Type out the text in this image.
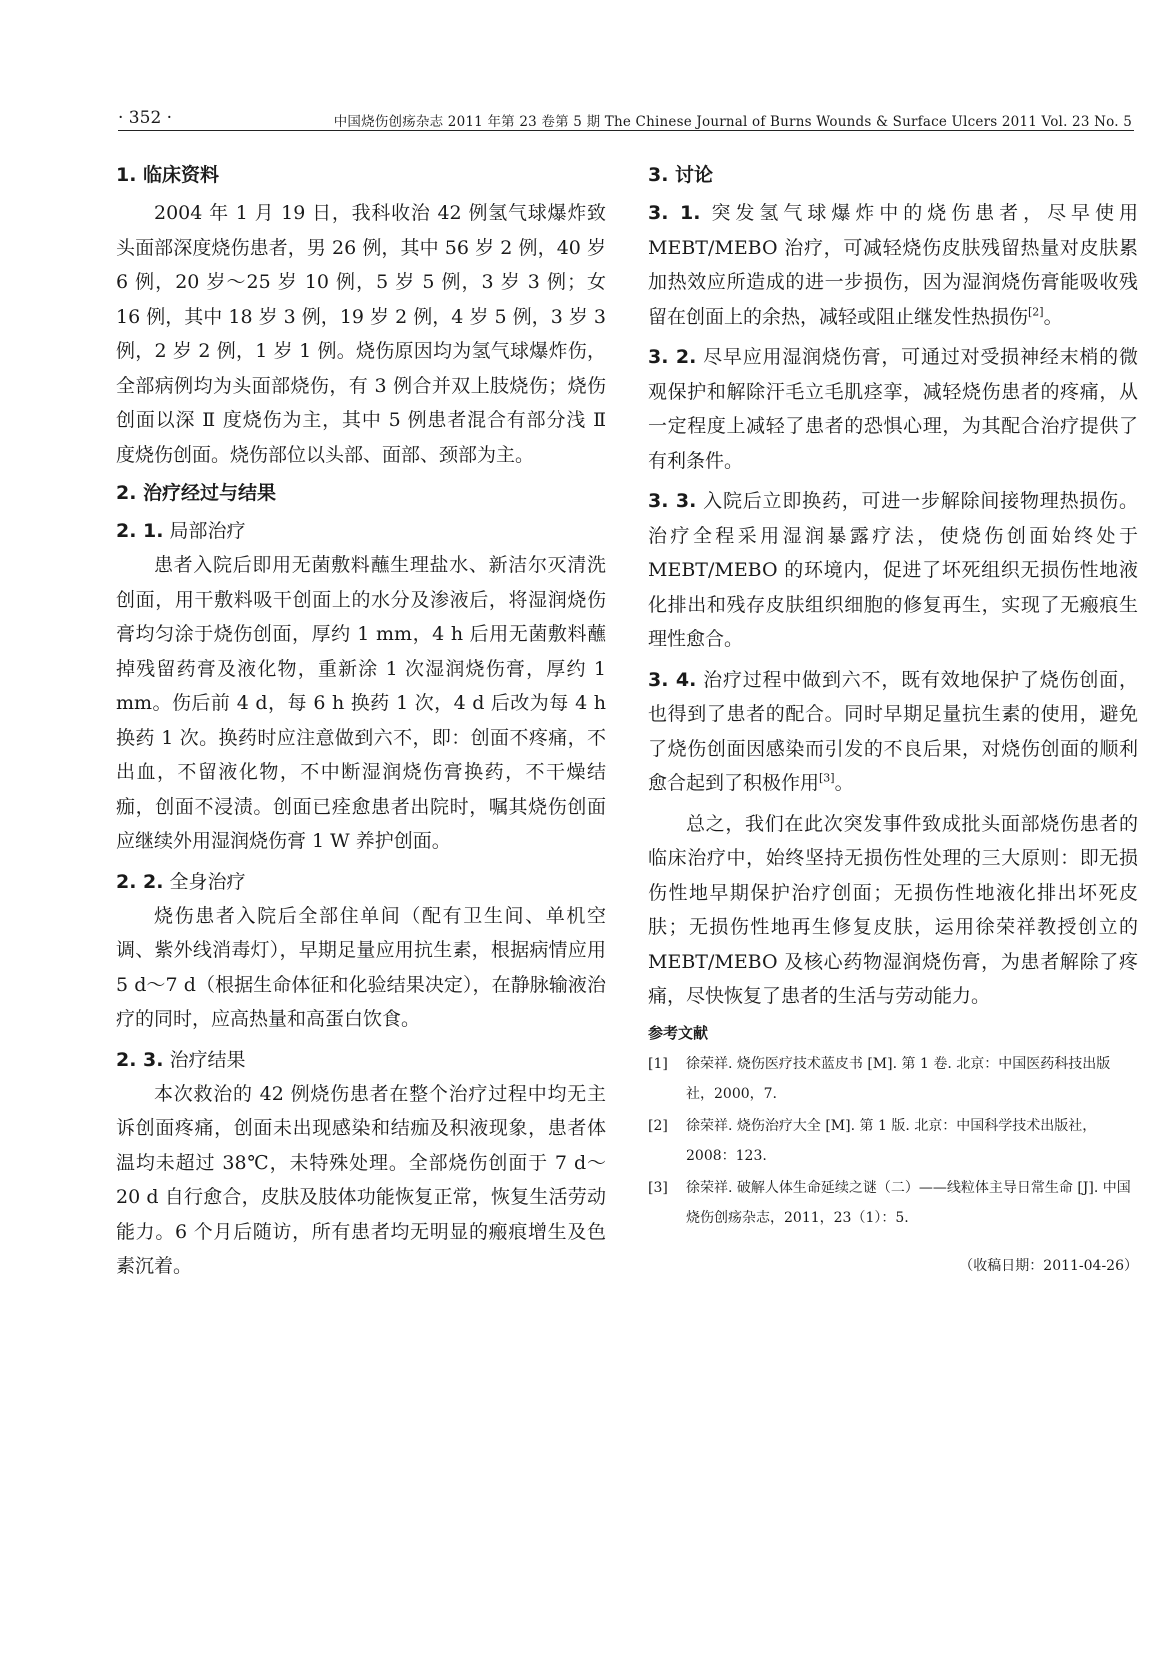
· 352 ·	中国烧伤创疡杂志 2011 年第 23 卷第 5 期 The Chinese Journal of Burns Wounds & Surface Ulcers 2011 Vol. 23 No. 5
1. 临床资料

2004 年 1 月 19 日，我科收治 42 例氢气球爆炸致头面部深度烧伤患者，男 26 例，其中 56 岁 2 例，40 岁 6 例，20 岁～25 岁 10 例，5 岁 5 例，3 岁 3 例；女 16 例，其中 18 岁 3 例，19 岁 2 例，4 岁 5 例，3 岁 3 例，2 岁 2 例，1 岁 1 例。烧伤原因均为氢气球爆炸伤，全部病例均为头面部烧伤，有 3 例合并双上肢烧伤；烧伤创面以深 Ⅱ 度烧伤为主，其中 5 例患者混合有部分浅 Ⅱ 度烧伤创面。烧伤部位以头部、面部、颈部为主。

2. 治疗经过与结果
2. 1. 局部治疗

患者入院后即用无菌敷料蘸生理盐水、新洁尔灭清洗创面，用干敷料吸干创面上的水分及渗液后，将湿润烧伤膏均匀涂于烧伤创面，厚约 1 mm，4 h 后用无菌敷料蘸掉残留药膏及液化物，重新涂 1 次湿润烧伤膏，厚约 1 mm。伤后前 4 d，每 6 h 换药 1 次，4 d 后改为每 4 h 换药 1 次。换药时应注意做到六不，即：创面不疼痛，不出血，不留液化物，不中断湿润烧伤膏换药，不干燥结痂，创面不浸渍。创面已痊愈患者出院时，嘱其烧伤创面应继续外用湿润烧伤膏 1 W 养护创面。

2. 2. 全身治疗

烧伤患者入院后全部住单间（配有卫生间、单机空调、紫外线消毒灯），早期足量应用抗生素，根据病情应用 5 d～7 d（根据生命体征和化验结果决定），在静脉输液治疗的同时，应高热量和高蛋白饮食。

2. 3. 治疗结果

本次救治的 42 例烧伤患者在整个治疗过程中均无主诉创面疼痛，创面未出现感染和结痂及积液现象，患者体温均未超过 38℃，未特殊处理。全部烧伤创面于 7 d～20 d 自行愈合，皮肤及肢体功能恢复正常，恢复生活劳动能力。6 个月后随访，所有患者均无明显的瘢痕增生及色素沉着。

3. 讨论

3. 1. 突发氢气球爆炸中的烧伤患者，尽早使用 MEBT/MEBO 治疗，可减轻烧伤皮肤残留热量对皮肤累加热效应所造成的进一步损伤，因为湿润烧伤膏能吸收残留在创面上的余热，减轻或阻止继发性热损伤[2]。

3. 2. 尽早应用湿润烧伤膏，可通过对受损神经末梢的微观保护和解除汗毛立毛肌痉挛，减轻烧伤患者的疼痛，从一定程度上减轻了患者的恐惧心理，为其配合治疗提供了有利条件。

3. 3. 入院后立即换药，可进一步解除间接物理热损伤。治疗全程采用湿润暴露疗法，使烧伤创面始终处于 MEBT/MEBO 的环境内，促进了坏死组织无损伤性地液化排出和残存皮肤组织细胞的修复再生，实现了无瘢痕生理性愈合。

3. 4. 治疗过程中做到六不，既有效地保护了烧伤创面，也得到了患者的配合。同时早期足量抗生素的使用，避免了烧伤创面因感染而引发的不良后果，对烧伤创面的顺利愈合起到了积极作用[3]。

总之，我们在此次突发事件致成批头面部烧伤患者的临床治疗中，始终坚持无损伤性处理的三大原则：即无损伤性地早期保护治疗创面；无损伤性地液化排出坏死皮肤；无损伤性地再生修复皮肤，运用徐荣祥教授创立的 MEBT/MEBO 及核心药物湿润烧伤膏，为患者解除了疼痛，尽快恢复了患者的生活与劳动能力。

参考文献
[1] 徐荣祥. 烧伤医疗技术蓝皮书 [M]. 第 1 卷. 北京：中国医药科技出版社，2000，7.
[2] 徐荣祥. 烧伤治疗大全 [M]. 第 1 版. 北京：中国科学技术出版社，2008：123.
[3] 徐荣祥. 破解人体生命延续之谜（二）——线粒体主导日常生命 [J]. 中国烧伤创疡杂志，2011，23（1）：5.
（收稿日期：2011-04-26）
